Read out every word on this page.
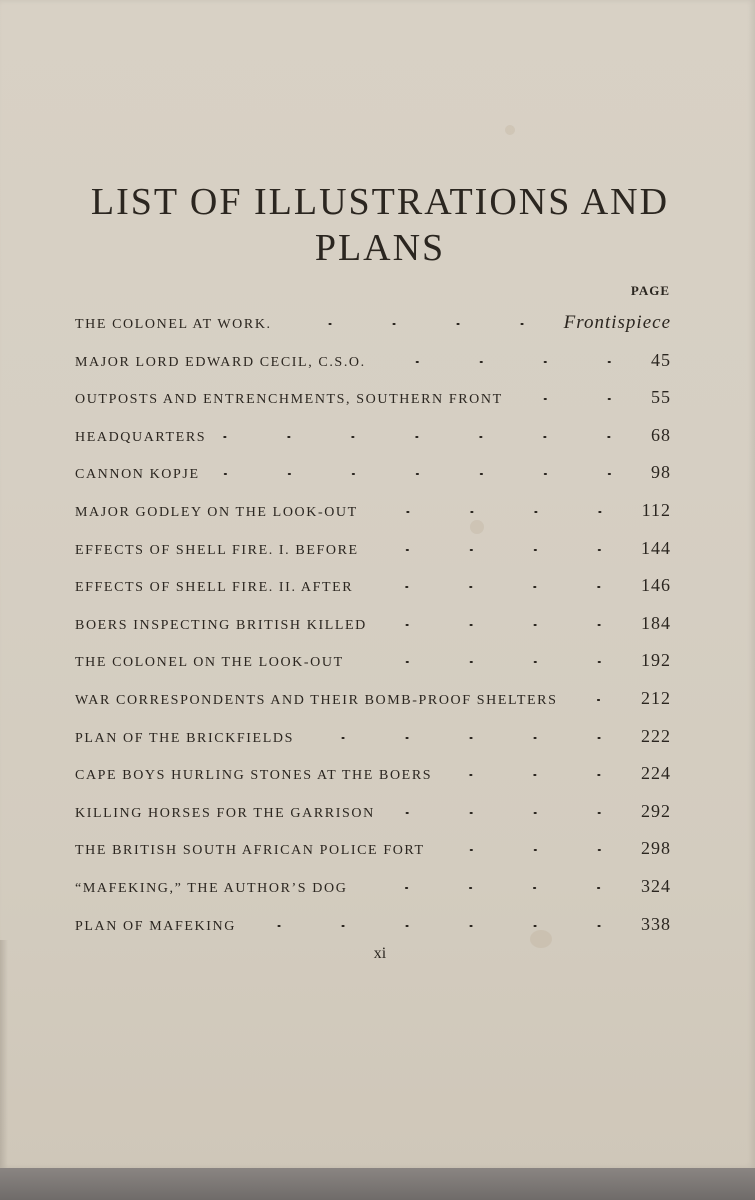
LIST OF ILLUSTRATIONS AND
PLANS
PAGE
THE COLONEL AT WORK.	Frontispiece
MAJOR LORD EDWARD CECIL, C.S.O.	45
OUTPOSTS AND ENTRENCHMENTS, SOUTHERN FRONT	55
HEADQUARTERS	68
CANNON KOPJE	98
MAJOR GODLEY ON THE LOOK-OUT	112
EFFECTS OF SHELL FIRE. I. BEFORE	144
EFFECTS OF SHELL FIRE. II. AFTER	146
BOERS INSPECTING BRITISH KILLED	184
THE COLONEL ON THE LOOK-OUT	192
WAR CORRESPONDENTS AND THEIR BOMB-PROOF SHELTERS	212
PLAN OF THE BRICKFIELDS	222
CAPE BOYS HURLING STONES AT THE BOERS	224
KILLING HORSES FOR THE GARRISON	292
THE BRITISH SOUTH AFRICAN POLICE FORT	298
“MAFEKING,” THE AUTHOR’S DOG	324
PLAN OF MAFEKING	338
xi
